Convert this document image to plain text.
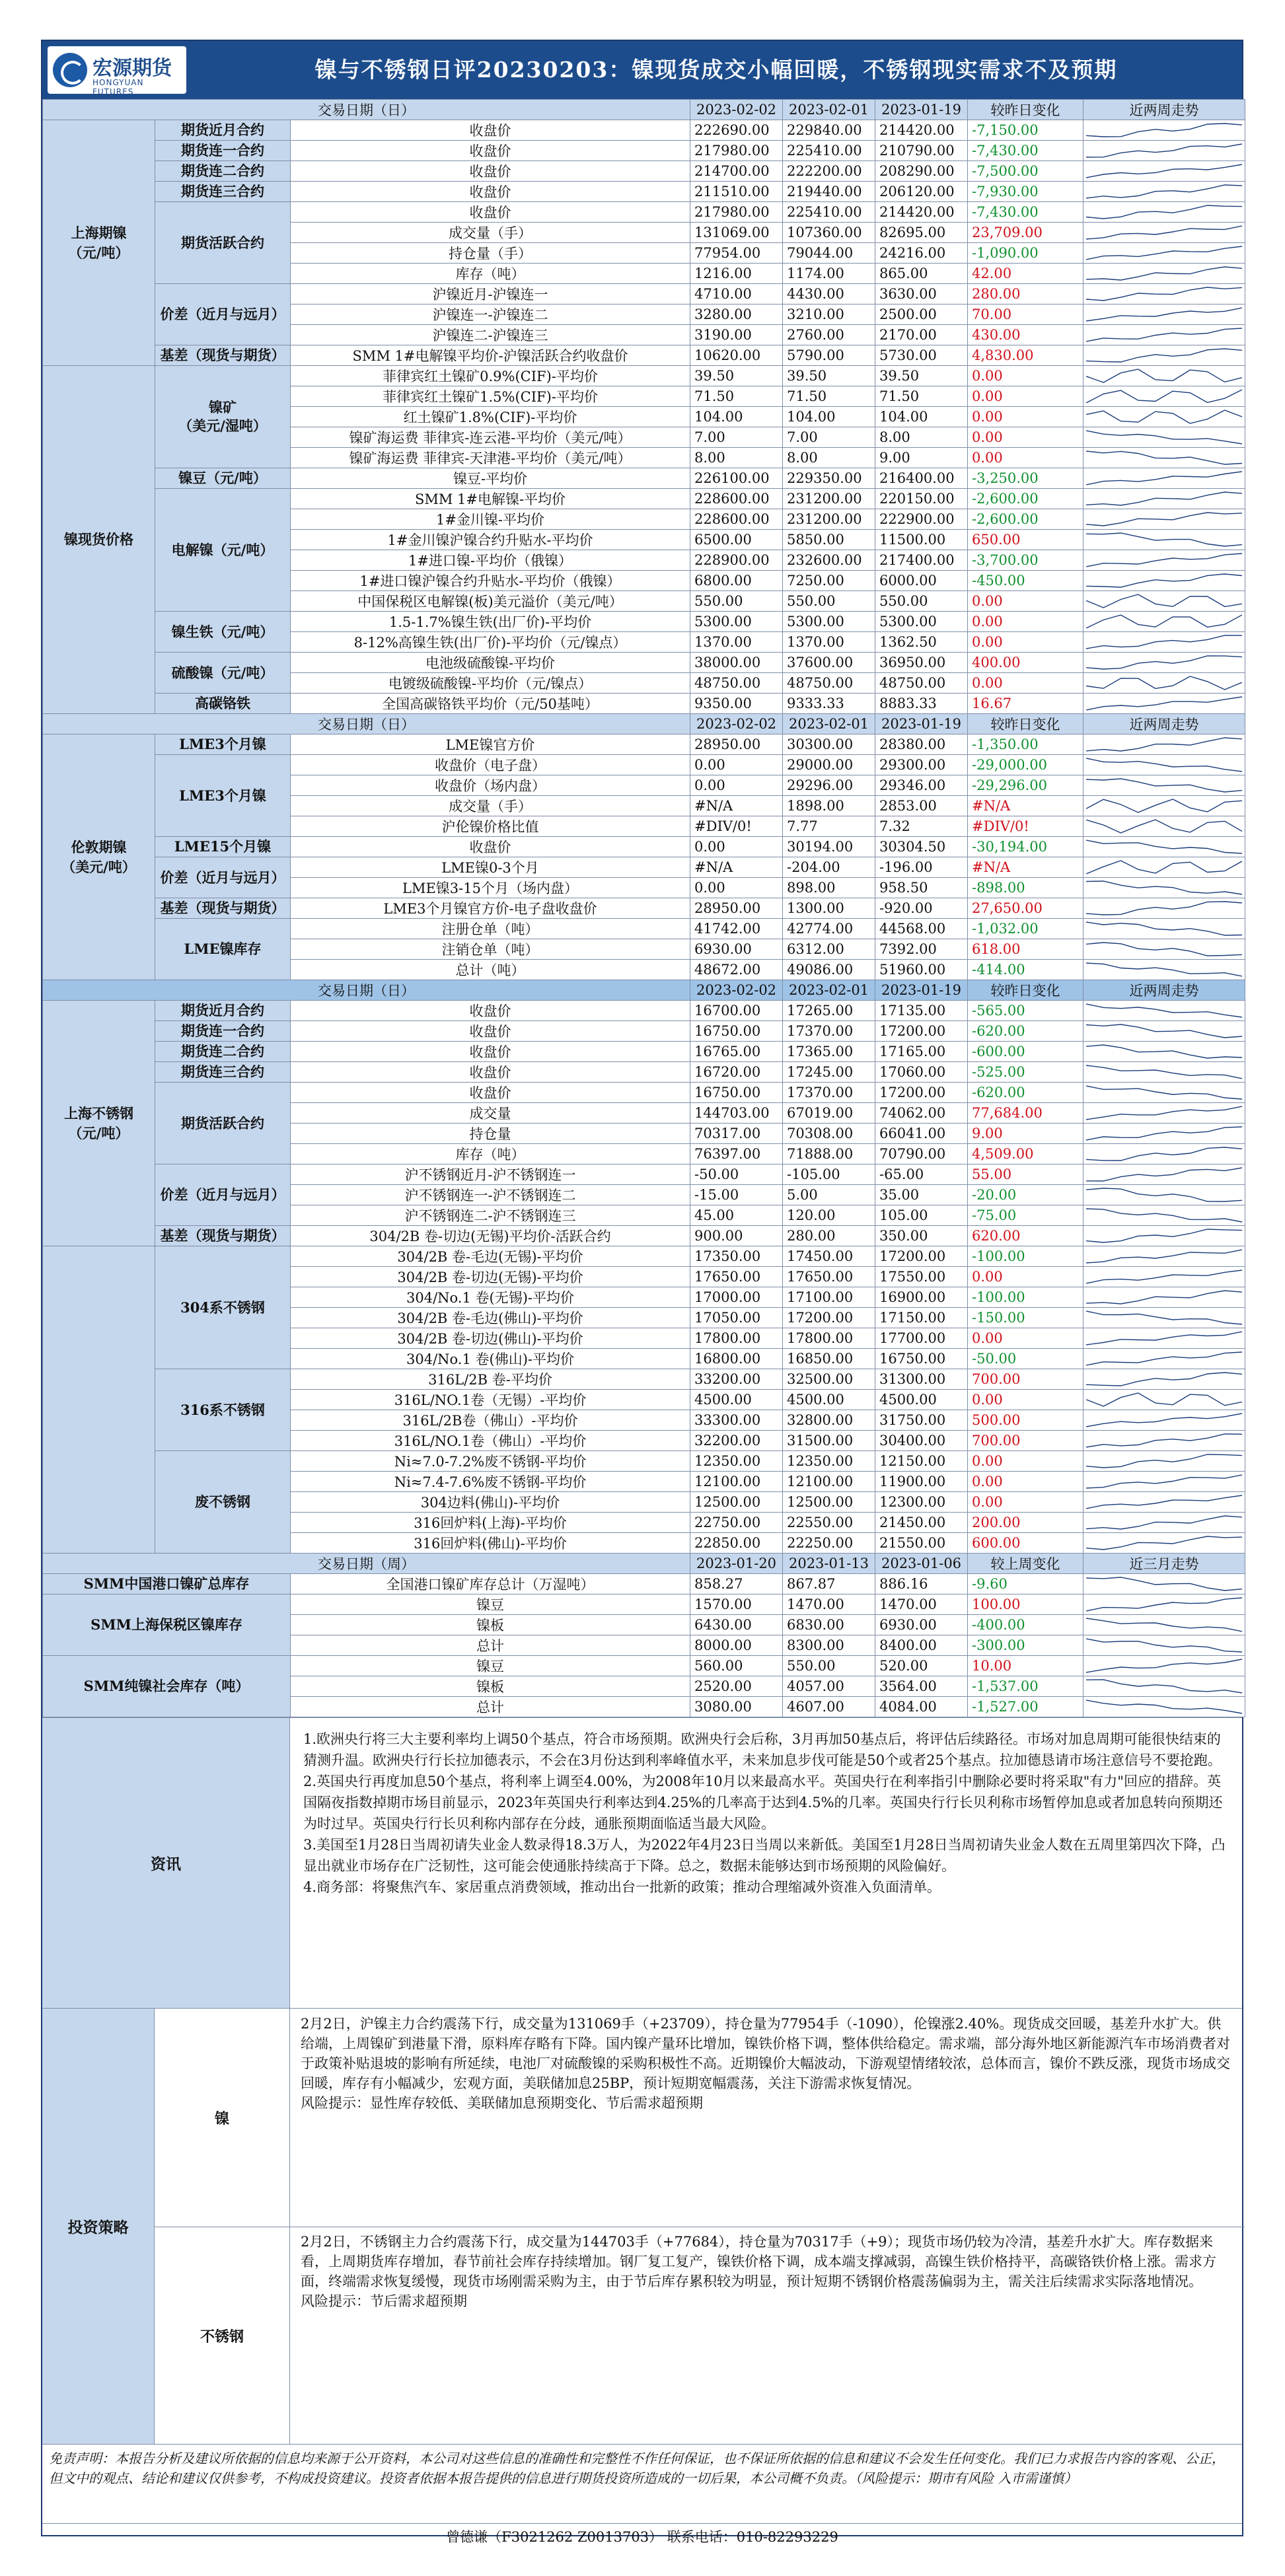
宏源期货
HONGYUAN FUTURES
镍与不锈钢日评20230203：镍现货成交小幅回暖，不锈钢现实需求不及预期
交易日期（日）			2023-02-02	2023-02-01	2023-01-19	较昨日变化	近两周走势
上海期镍
（元/吨）	期货近月合约	收盘价	222690.00	229840.00	214420.00	-7,150.00	

	期货连一合约	收盘价	217980.00	225410.00	210790.00	-7,430.00	

	期货连二合约	收盘价	214700.00	222200.00	208290.00	-7,500.00	

	期货连三合约	收盘价	211510.00	219440.00	206120.00	-7,930.00	

	期货活跃合约	收盘价	217980.00	225410.00	214420.00	-7,430.00	

		成交量（手）	131069.00	107360.00	82695.00	23,709.00	

		持仓量（手）	77954.00	79044.00	24216.00	-1,090.00	

		库存（吨）	1216.00	1174.00	865.00	42.00	

	价差（近月与远月）	沪镍近月-沪镍连一	4710.00	4430.00	3630.00	280.00	

		沪镍连一-沪镍连二	3280.00	3210.00	2500.00	70.00	

		沪镍连二-沪镍连三	3190.00	2760.00	2170.00	430.00	

	基差（现货与期货）	SMM 1#电解镍平均价-沪镍活跃合约收盘价	10620.00	5790.00	5730.00	4,830.00	

镍现货价格	镍矿
（美元/湿吨）	菲律宾红土镍矿0.9%(CIF)-平均价	39.50	39.50	39.50	0.00	

		菲律宾红土镍矿1.5%(CIF)-平均价	71.50	71.50	71.50	0.00	

		红土镍矿1.8%(CIF)-平均价	104.00	104.00	104.00	0.00	

		镍矿海运费 菲律宾-连云港-平均价（美元/吨）	7.00	7.00	8.00	0.00	

		镍矿海运费 菲律宾-天津港-平均价（美元/吨）	8.00	8.00	9.00	0.00	

	镍豆（元/吨）	镍豆-平均价	226100.00	229350.00	216400.00	-3,250.00	

	电解镍（元/吨）	SMM 1#电解镍-平均价	228600.00	231200.00	220150.00	-2,600.00	

		1#金川镍-平均价	228600.00	231200.00	222900.00	-2,600.00	

		1#金川镍沪镍合约升贴水-平均价	6500.00	5850.00	11500.00	650.00	

		1#进口镍-平均价（俄镍）	228900.00	232600.00	217400.00	-3,700.00	

		1#进口镍沪镍合约升贴水-平均价（俄镍）	6800.00	7250.00	6000.00	-450.00	

		中国保税区电解镍(板)美元溢价（美元/吨）	550.00	550.00	550.00	0.00	

	镍生铁（元/吨）	1.5-1.7%镍生铁(出厂价)-平均价	5300.00	5300.00	5300.00	0.00	

		8-12%高镍生铁(出厂价)-平均价（元/镍点）	1370.00	1370.00	1362.50	0.00	

	硫酸镍（元/吨）	电池级硫酸镍-平均价	38000.00	37600.00	36950.00	400.00	

		电镀级硫酸镍-平均价（元/镍点）	48750.00	48750.00	48750.00	0.00	

	高碳铬铁	全国高碳铬铁平均价（元/50基吨）	9350.00	9333.33	8883.33	16.67	

交易日期（日）			2023-02-02	2023-02-01	2023-01-19	较昨日变化	近两周走势
伦敦期镍
（美元/吨）	LME3个月镍	LME镍官方价	28950.00	30300.00	28380.00	-1,350.00	

	LME3个月镍	收盘价（电子盘）	0.00	29000.00	29300.00	-29,000.00	

		收盘价（场内盘）	0.00	29296.00	29346.00	-29,296.00	

		成交量（手）	#N/A	1898.00	2853.00	#N/A	

		沪伦镍价格比值	#DIV/0!	7.77	7.32	#DIV/0!	

	LME15个月镍	收盘价	0.00	30194.00	30304.50	-30,194.00	

	价差（近月与远月）	LME镍0-3个月	#N/A	-204.00	-196.00	#N/A	

		LME镍3-15个月（场内盘）	0.00	898.00	958.50	-898.00	

	基差（现货与期货）	LME3个月镍官方价-电子盘收盘价	28950.00	1300.00	-920.00	27,650.00	

	LME镍库存	注册仓单（吨）	41742.00	42774.00	44568.00	-1,032.00	

		注销仓单（吨）	6930.00	6312.00	7392.00	618.00	

		总计（吨）	48672.00	49086.00	51960.00	-414.00	

交易日期（日）			2023-02-02	2023-02-01	2023-01-19	较昨日变化	近两周走势
上海不锈钢
（元/吨）	期货近月合约	收盘价	16700.00	17265.00	17135.00	-565.00	

	期货连一合约	收盘价	16750.00	17370.00	17200.00	-620.00	

	期货连二合约	收盘价	16765.00	17365.00	17165.00	-600.00	

	期货连三合约	收盘价	16720.00	17245.00	17060.00	-525.00	

	期货活跃合约	收盘价	16750.00	17370.00	17200.00	-620.00	

		成交量	144703.00	67019.00	74062.00	77,684.00	

		持仓量	70317.00	70308.00	66041.00	9.00	

		库存（吨）	76397.00	71888.00	70790.00	4,509.00	

	价差（近月与远月）	沪不锈钢近月-沪不锈钢连一	-50.00	-105.00	-65.00	55.00	

		沪不锈钢连一-沪不锈钢连二	-15.00	5.00	35.00	-20.00	

		沪不锈钢连二-沪不锈钢连三	45.00	120.00	105.00	-75.00	

	基差（现货与期货）	304/2B 卷-切边(无锡)平均价-活跃合约	900.00	280.00	350.00	620.00	

	304系不锈钢	304/2B 卷-毛边(无锡)-平均价	17350.00	17450.00	17200.00	-100.00	

		304/2B 卷-切边(无锡)-平均价	17650.00	17650.00	17550.00	0.00	

		304/No.1 卷(无锡)-平均价	17000.00	17100.00	16900.00	-100.00	

		304/2B 卷-毛边(佛山)-平均价	17050.00	17200.00	17150.00	-150.00	

		304/2B 卷-切边(佛山)-平均价	17800.00	17800.00	17700.00	0.00	

		304/No.1 卷(佛山)-平均价	16800.00	16850.00	16750.00	-50.00	

	316系不锈钢	316L/2B 卷-平均价	33200.00	32500.00	31300.00	700.00	

		316L/NO.1卷（无锡）-平均价	4500.00	4500.00	4500.00	0.00	

		316L/2B卷（佛山）-平均价	33300.00	32800.00	31750.00	500.00	

		316L/NO.1卷（佛山）-平均价	32200.00	31500.00	30400.00	700.00	

	废不锈钢	Ni≈7.0-7.2%废不锈钢-平均价	12350.00	12350.00	12150.00	0.00	

		Ni≈7.4-7.6%废不锈钢-平均价	12100.00	12100.00	11900.00	0.00	

		304边料(佛山)-平均价	12500.00	12500.00	12300.00	0.00	

		316回炉料(上海)-平均价	22750.00	22550.00	21450.00	200.00	

		316回炉料(佛山)-平均价	22850.00	22250.00	21550.00	600.00	

交易日期（周）			2023-01-20	2023-01-13	2023-01-06	较上周变化	近三月走势
SMM中国港口镍矿总库存		全国港口镍矿库存总计（万湿吨）	858.27	867.87	886.16	-9.60	

SMM上海保税区镍库存		镍豆	1570.00	1470.00	1470.00	100.00	

		镍板	6430.00	6830.00	6930.00	-400.00	

		总计	8000.00	8300.00	8400.00	-300.00	

SMM纯镍社会库存（吨）		镍豆	560.00	550.00	520.00	10.00	

		镍板	2520.00	4057.00	3564.00	-1,537.00	

		总计	3080.00	4607.00	4084.00	-1,527.00	
资讯
1.欧洲央行将三大主要利率均上调50个基点，符合市场预期。欧洲央行会后称，3月再加50基点后，将评估后续路径。市场对加息周期可能很快结束的猜测升温。欧洲央行行长拉加德表示，不会在3月份达到利率峰值水平，未来加息步伐可能是50个或者25个基点。拉加德恳请市场注意信号不要抢跑。
2.英国央行再度加息50个基点，将利率上调至4.00%，为2008年10月以来最高水平。英国央行在利率指引中删除必要时将采取"有力"回应的措辞。英国隔夜指数掉期市场目前显示，2023年英国央行利率达到4.25%的几率高于达到4.5%的几率。英国央行行长贝利称市场暂停加息或者加息转向预期还为时过早。英国央行行长贝利称内部存在分歧，通胀预期面临适当最大风险。
3.美国至1月28日当周初请失业金人数录得18.3万人，为2022年4月23日当周以来新低。美国至1月28日当周初请失业金人数在五周里第四次下降，凸显出就业市场存在广泛韧性，这可能会使通胀持续高于下降。总之，数据未能够达到市场预期的风险偏好。
4.商务部：将聚焦汽车、家居重点消费领域，推动出台一批新的政策；推动合理缩减外资准入负面清单。
投资策略
镍
2月2日，沪镍主力合约震荡下行，成交量为131069手（+23709），持仓量为77954手（-1090），伦镍涨2.40%。现货成交回暖，基差升水扩大。供给端，上周镍矿到港量下滑，原料库存略有下降。国内镍产量环比增加，镍铁价格下调，整体供给稳定。需求端，部分海外地区新能源汽车市场消费者对于政策补贴退坡的影响有所延续，电池厂对硫酸镍的采购积极性不高。近期镍价大幅波动，下游观望情绪较浓，总体而言，镍价不跌反涨，现货市场成交回暖，库存有小幅减少，宏观方面，美联储加息25BP，预计短期宽幅震荡，关注下游需求恢复情况。
风险提示：显性库存较低、美联储加息预期变化、节后需求超预期
不锈钢
2月2日，不锈钢主力合约震荡下行，成交量为144703手（+77684），持仓量为70317手（+9）；现货市场仍较为冷清，基差升水扩大。库存数据来看，上周期货库存增加，春节前社会库存持续增加。钢厂复工复产，镍铁价格下调，成本端支撑减弱，高镍生铁价格持平，高碳铬铁价格上涨。需求方面，终端需求恢复缓慢，现货市场刚需采购为主，由于节后库存累积较为明显，预计短期不锈钢价格震荡偏弱为主，需关注后续需求实际落地情况。
风险提示：节后需求超预期
免责声明：本报告分析及建议所依据的信息均来源于公开资料，本公司对这些信息的准确性和完整性不作任何保证，也不保证所依据的信息和建议不会发生任何变化。我们已力求报告内容的客观、公正，但文中的观点、结论和建议仅供参考，不构成投资建议。投资者依据本报告提供的信息进行期货投资所造成的一切后果，本公司概不负责。（风险提示：期市有风险 入市需谨慎）
曾德谦（F3021262 Z0013703） 联系电话：010-82293229
